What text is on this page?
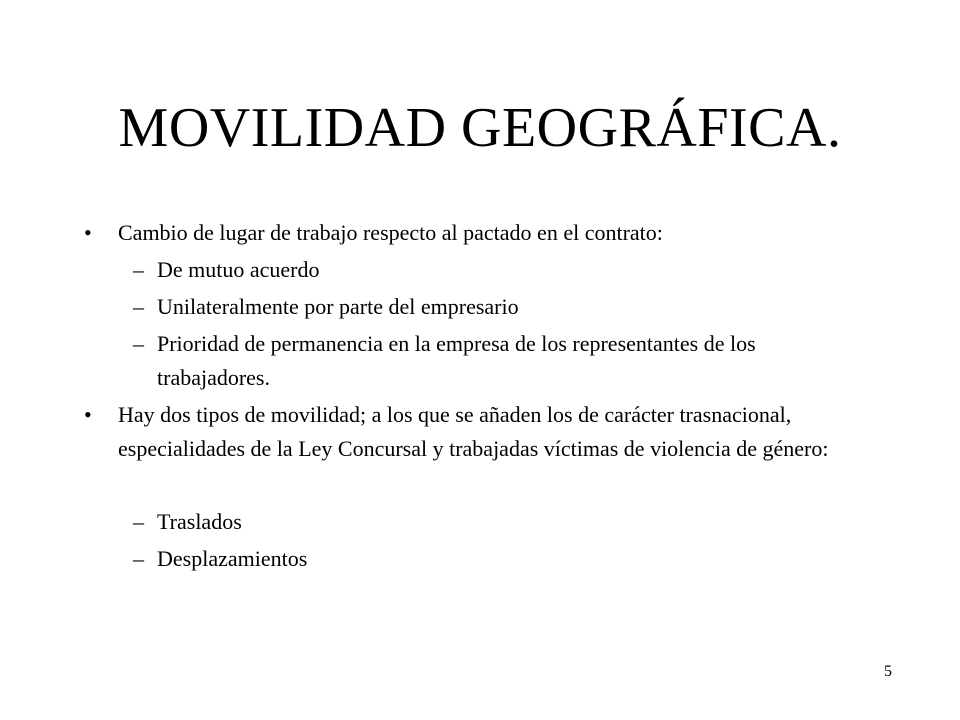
MOVILIDAD GEOGRÁFICA.
•	Cambio de lugar de trabajo respecto al pactado en el contrato:
– De mutuo acuerdo
– Unilateralmente por parte del empresario
– Prioridad de permanencia en la empresa de los representantes de los trabajadores.
•	Hay dos tipos de movilidad; a los que se añaden los de carácter trasnacional, especialidades de la Ley Concursal y trabajadas víctimas de violencia de género:
– Traslados
– Desplazamientos
5
